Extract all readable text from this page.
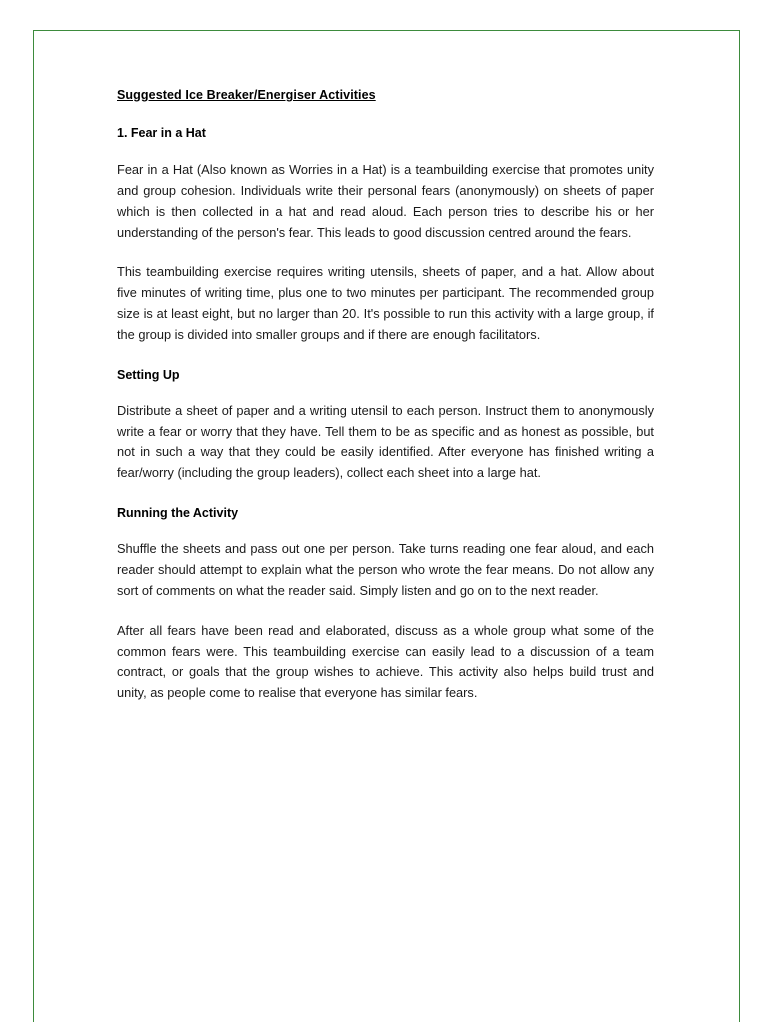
Suggested Ice Breaker/Energiser Activities
1. Fear in a Hat

Fear in a Hat (Also known as Worries in a Hat) is a teambuilding exercise that promotes unity and group cohesion. Individuals write their personal fears (anonymously) on sheets of paper which is then collected in a hat and read aloud. Each person tries to describe his or her understanding of the person's fear. This leads to good discussion centred around the fears.

This teambuilding exercise requires writing utensils, sheets of paper, and a hat. Allow about five minutes of writing time, plus one to two minutes per participant. The recommended group size is at least eight, but no larger than 20. It's possible to run this activity with a large group, if the group is divided into smaller groups and if there are enough facilitators.

Setting Up

Distribute a sheet of paper and a writing utensil to each person. Instruct them to anonymously write a fear or worry that they have. Tell them to be as specific and as honest as possible, but not in such a way that they could be easily identified. After everyone has finished writing a fear/worry (including the group leaders), collect each sheet into a large hat.

Running the Activity

Shuffle the sheets and pass out one per person. Take turns reading one fear aloud, and each reader should attempt to explain what the person who wrote the fear means. Do not allow any sort of comments on what the reader said. Simply listen and go on to the next reader.

After all fears have been read and elaborated, discuss as a whole group what some of the common fears were. This teambuilding exercise can easily lead to a discussion of a team contract, or goals that the group wishes to achieve. This activity also helps build trust and unity, as people come to realise that everyone has similar fears.
